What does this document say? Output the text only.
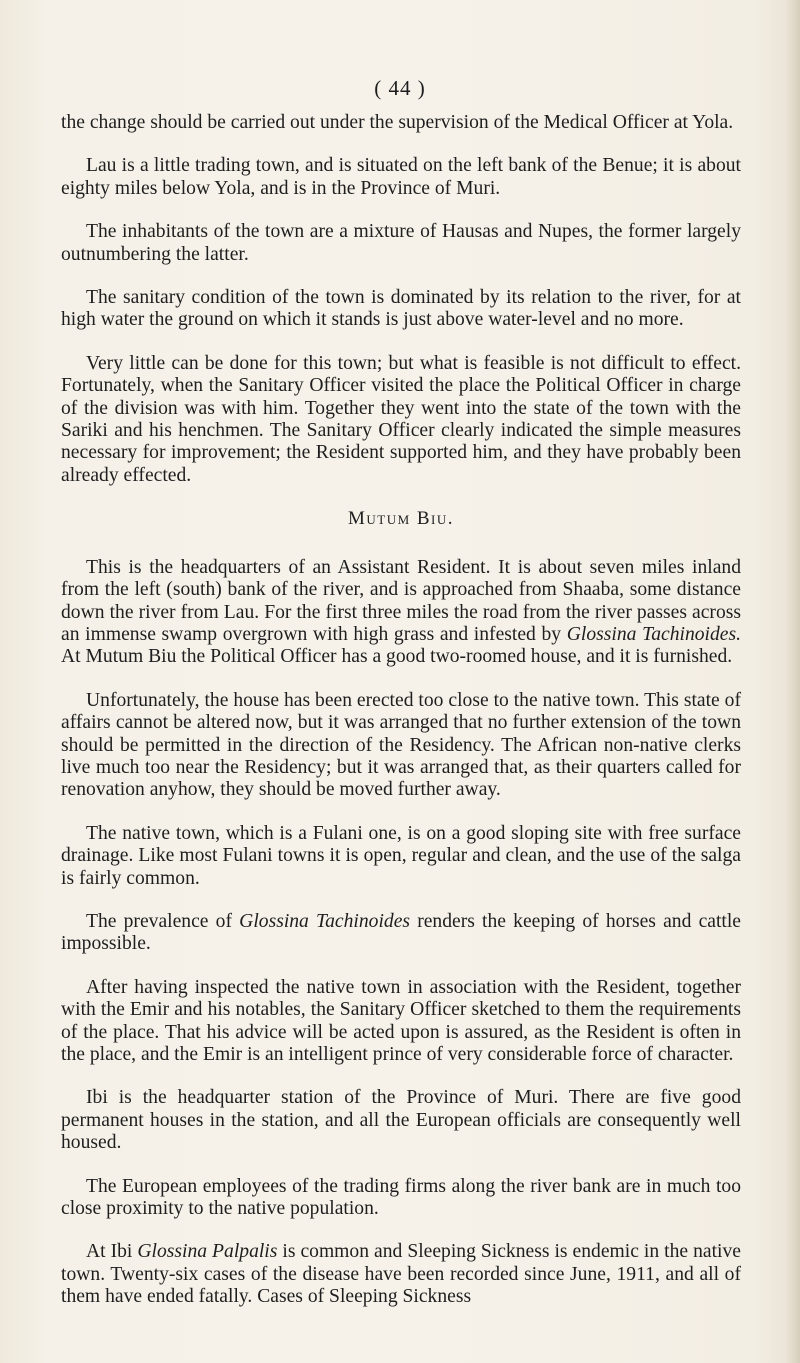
( 44 )

the change should be carried out under the supervision of the Medical Officer at Yola.

Lau is a little trading town, and is situated on the left bank of the Benue; it is about eighty miles below Yola, and is in the Province of Muri.

The inhabitants of the town are a mixture of Hausas and Nupes, the former largely outnumbering the latter.

The sanitary condition of the town is dominated by its relation to the river, for at high water the ground on which it stands is just above water-level and no more.

Very little can be done for this town; but what is feasible is not difficult to effect. Fortunately, when the Sanitary Officer visited the place the Political Officer in charge of the division was with him. Together they went into the state of the town with the Sariki and his henchmen. The Sanitary Officer clearly indicated the simple measures necessary for improvement; the Resident supported him, and they have probably been already effected.

Mutum Biu.

This is the headquarters of an Assistant Resident. It is about seven miles inland from the left (south) bank of the river, and is approached from Shaaba, some distance down the river from Lau. For the first three miles the road from the river passes across an immense swamp overgrown with high grass and infested by Glossina Tachinoides. At Mutum Biu the Political Officer has a good two-roomed house, and it is furnished.

Unfortunately, the house has been erected too close to the native town. This state of affairs cannot be altered now, but it was arranged that no further extension of the town should be permitted in the direction of the Residency. The African non-native clerks live much too near the Residency; but it was arranged that, as their quarters called for renovation anyhow, they should be moved further away.

The native town, which is a Fulani one, is on a good sloping site with free surface drainage. Like most Fulani towns it is open, regular and clean, and the use of the salga is fairly common.

The prevalence of Glossina Tachinoides renders the keeping of horses and cattle impossible.

After having inspected the native town in association with the Resident, together with the Emir and his notables, the Sanitary Officer sketched to them the requirements of the place. That his advice will be acted upon is assured, as the Resident is often in the place, and the Emir is an intelligent prince of very considerable force of character.

Ibi is the headquarter station of the Province of Muri. There are five good permanent houses in the station, and all the European officials are consequently well housed.

The European employees of the trading firms along the river bank are in much too close proximity to the native population.

At Ibi Glossina Palpalis is common and Sleeping Sickness is endemic in the native town. Twenty-six cases of the disease have been recorded since June, 1911, and all of them have ended fatally. Cases of Sleeping Sickness
